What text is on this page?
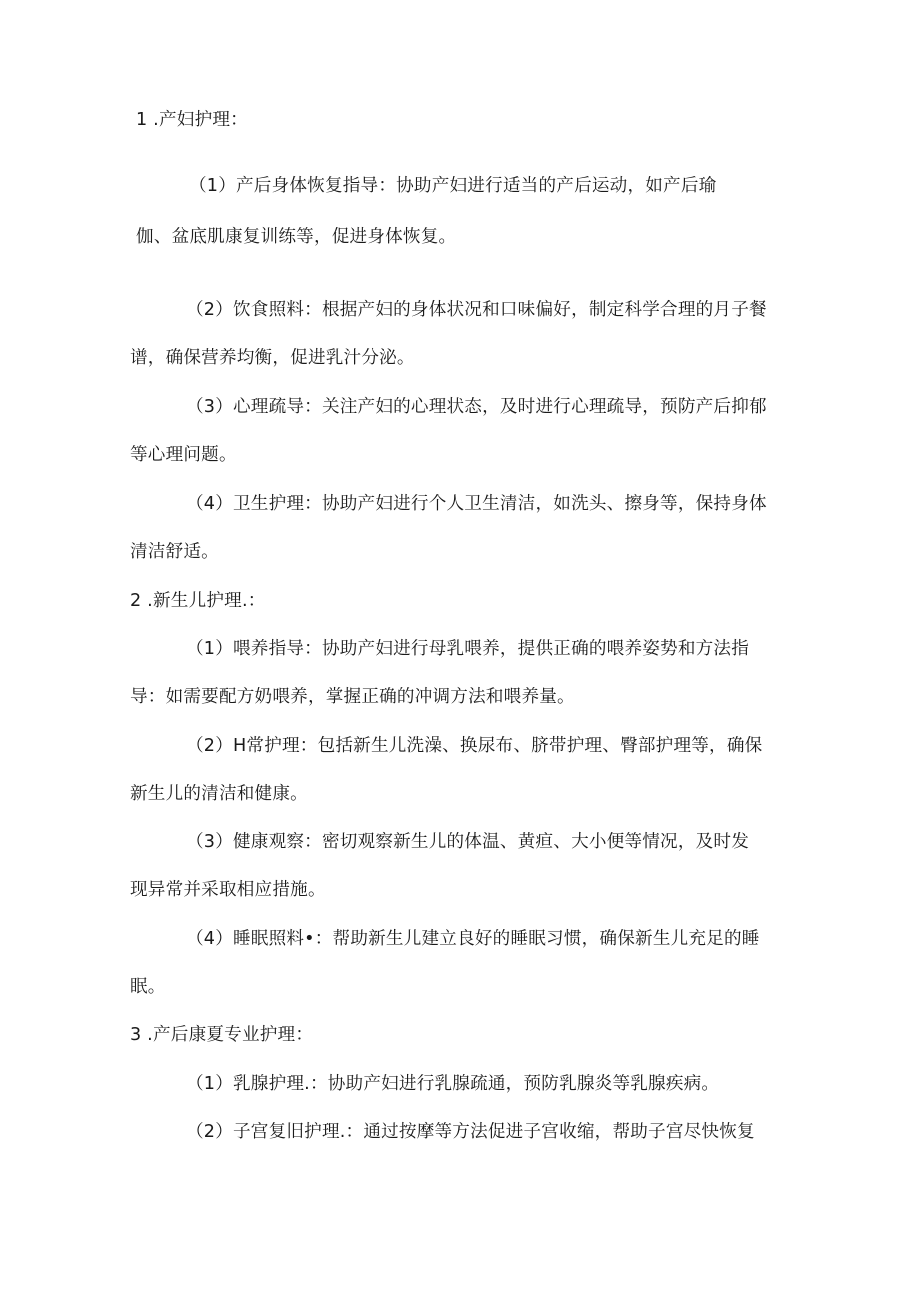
1 .产妇护理：
（1）产后身体恢复指导：协助产妇进行适当的产后运动，如产后瑜
伽、盆底肌康复训练等，促进身体恢复。
（2）饮食照料：根据产妇的身体状况和口味偏好，制定科学合理的月子餐
谱，确保营养均衡，促进乳汁分泌。
（3）心理疏导：关注产妇的心理状态，及时进行心理疏导，预防产后抑郁
等心理问题。
（4）卫生护理：协助产妇进行个人卫生清洁，如洗头、擦身等，保持身体
清洁舒适。
2 .新生儿护理.：
（1）喂养指导：协助产妇进行母乳喂养，提供正确的喂养姿势和方法指
导：如需要配方奶喂养，掌握正确的冲调方法和喂养量。
（2）H常护理：包括新生儿洗澡、换尿布、脐带护理、臀部护理等，确保
新生儿的清洁和健康。
（3）健康观察：密切观察新生儿的体温、黄疸、大小便等情况，及时发
现异常并采取相应措施。
（4）睡眠照料•：帮助新生儿建立良好的睡眠习惯，确保新生儿充足的睡
眠。
3 .产后康夏专业护理：
（1）乳腺护理.：协助产妇进行乳腺疏通，预防乳腺炎等乳腺疾病。
（2）子宫复旧护理.：通过按摩等方法促进子宫收缩，帮助子宫尽快恢复
